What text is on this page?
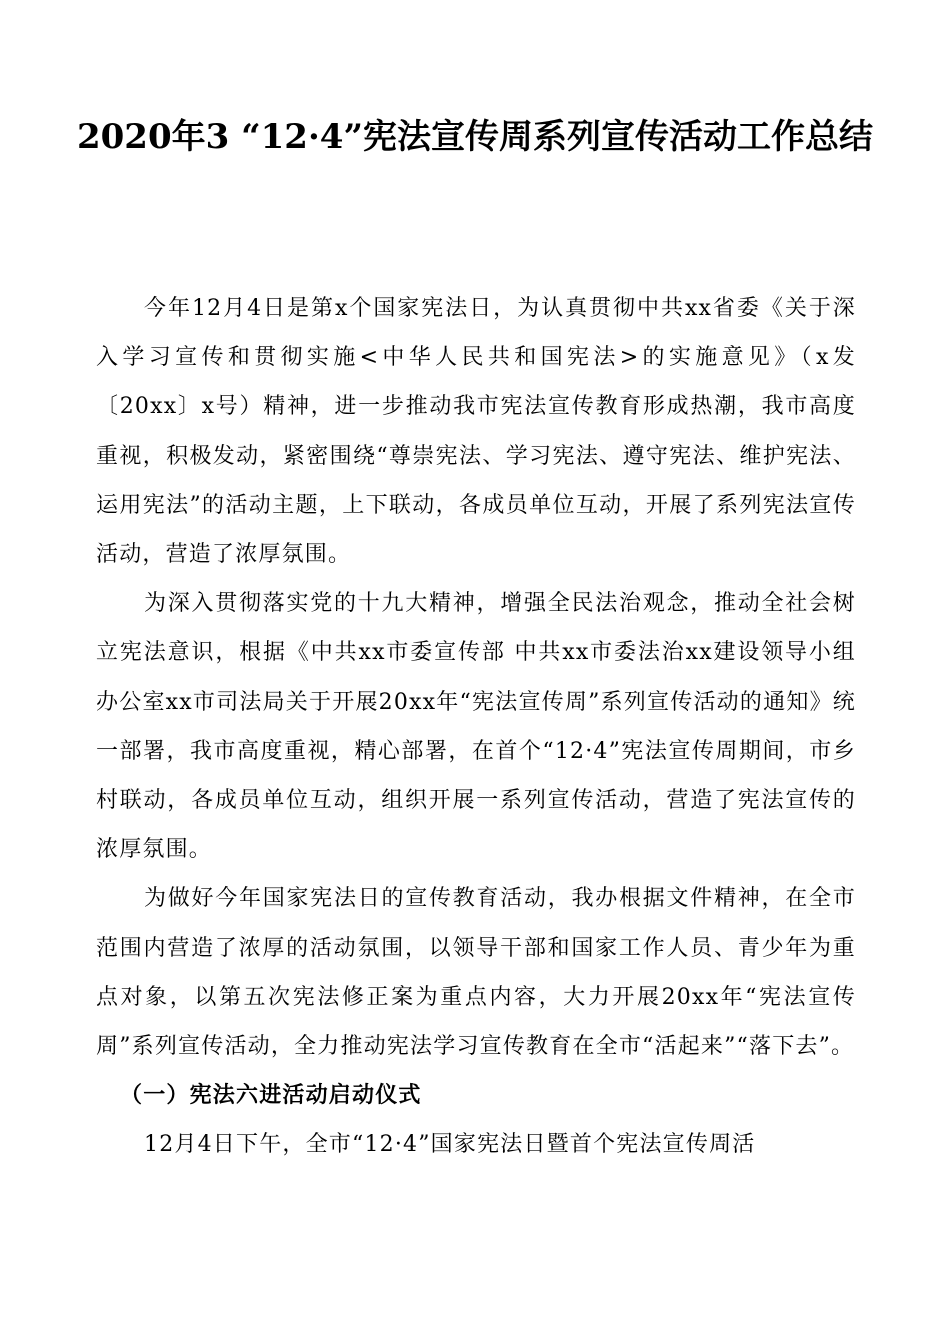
2020年3 “12·4”宪法宣传周系列宣传活动工作总结

今年12月4日是第x个国家宪法日，为认真贯彻中共xx省委《关于深入学习宣传和贯彻实施<中华人民共和国宪法>的实施意见》（x发〔20xx〕x号）精神，进一步推动我市宪法宣传教育形成热潮，我市高度重视，积极发动，紧密围绕“尊崇宪法、学习宪法、遵守宪法、维护宪法、运用宪法”的活动主题，上下联动，各成员单位互动，开展了系列宪法宣传活动，营造了浓厚氛围。

为深入贯彻落实党的十九大精神，增强全民法治观念，推动全社会树立宪法意识，根据《中共xx市委宣传部 中共xx市委法治xx建设领导小组办公室xx市司法局关于开展20xx年“宪法宣传周”系列宣传活动的通知》统一部署，我市高度重视，精心部署，在首个“12·4”宪法宣传周期间，市乡村联动，各成员单位互动，组织开展一系列宣传活动，营造了宪法宣传的浓厚氛围。

为做好今年国家宪法日的宣传教育活动，我办根据文件精神，在全市范围内营造了浓厚的活动氛围，以领导干部和国家工作人员、青少年为重点对象，以第五次宪法修正案为重点内容，大力开展20xx年“宪法宣传周”系列宣传活动，全力推动宪法学习宣传教育在全市“活起来”“落下去”。

（一）宪法六进活动启动仪式

12月4日下午，全市“12·4”国家宪法日暨首个宪法宣传周活
